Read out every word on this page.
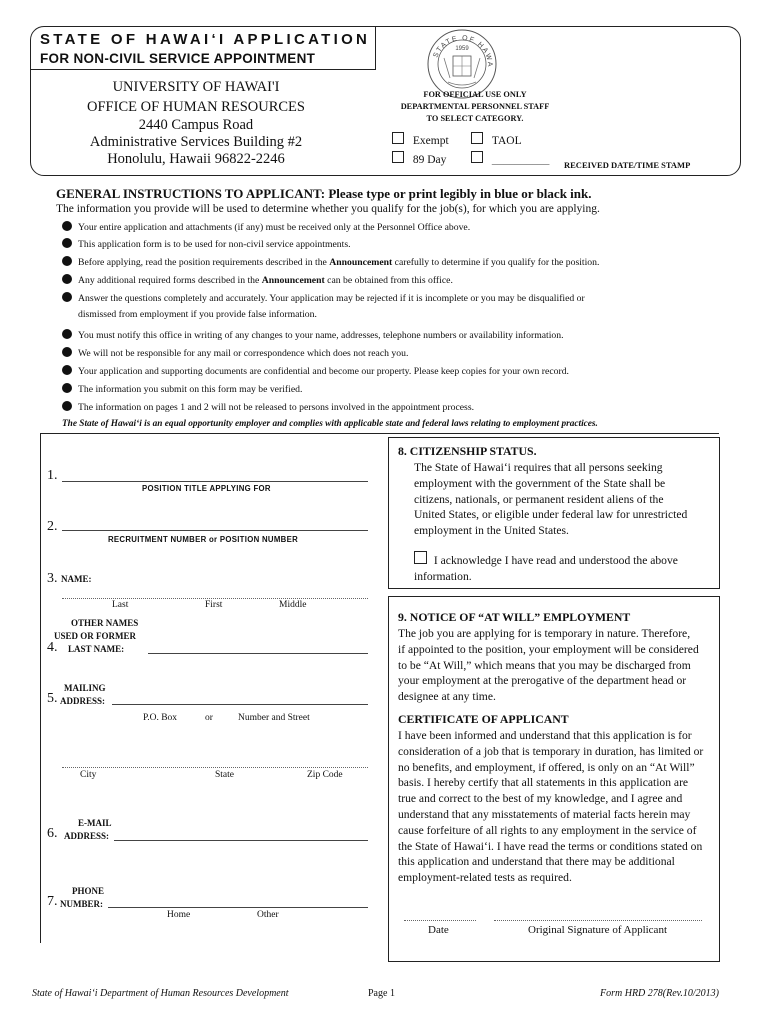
STATE OF HAWAI‘I APPLICATION
FOR NON-CIVIL SERVICE APPOINTMENT
UNIVERSITY OF HAWAI'I
OFFICE OF HUMAN RESOURCES
2440 Campus Road
Administrative Services Building #2
Honolulu, Hawaii 96822-2246
STATE OF HAWA
1959
FOR OFFICIAL USE ONLY
DEPARTMENTAL PERSONNEL STAFF
TO SELECT CATEGORY.
Exempt	TAOL
89 Day	__________ RECEIVED DATE/TIME STAMP
GENERAL INSTRUCTIONS TO APPLICANT: Please type or print legibly in blue or black ink.
The information you provide will be used to determine whether you qualify for the job(s), for which you are applying.
Your entire application and attachments (if any) must be received only at the Personnel Office above.
This application form is to be used for non-civil service appointments.
Before applying, read the position requirements described in the Announcement carefully to determine if you qualify for the position.
Any additional required forms described in the Announcement can be obtained from this office.
Answer the questions completely and accurately. Your application may be rejected if it is incomplete or you may be disqualified or
dismissed from employment if you provide false information.
You must notify this office in writing of any changes to your name, addresses, telephone numbers or availability information.
We will not be responsible for any mail or correspondence which does not reach you.
Your application and supporting documents are confidential and become our property. Please keep copies for your own record.
The information you submit on this form may be verified.
The information on pages 1 and 2 will not be released to persons involved in the appointment process.
The State of Hawai‘i is an equal opportunity employer and complies with applicable state and federal laws relating to employment practices.
1.
POSITION TITLE APPLYING FOR
2.
RECRUITMENT NUMBER or POSITION NUMBER
3. NAME:
Last	First	Middle
OTHER NAMES
USED OR FORMER
4. LAST NAME:
MAILING
5. ADDRESS:
P.O. Box	or	Number and Street
City	State	Zip Code
E-MAIL
6. ADDRESS:
PHONE
7. NUMBER:
Home	Other
8. CITIZENSHIP STATUS.
The State of Hawai‘i requires that all persons seeking
employment with the government of the State shall be
citizens, nationals, or permanent resident aliens of the
United States, or eligible under federal law for unrestricted
employment in the United States.
I acknowledge I have read and understood the above
information.
9. NOTICE OF “AT WILL” EMPLOYMENT
The job you are applying for is temporary in nature. Therefore,
if appointed to the position, your employment will be considered
to be “At Will,” which means that you may be discharged from
your employment at the prerogative of the department head or
designee at any time.
CERTIFICATE OF APPLICANT
I have been informed and understand that this application is for
consideration of a job that is temporary in duration, has limited or
no benefits, and employment, if offered, is only on an “At Will”
basis. I hereby certify that all statements in this application are
true and correct to the best of my knowledge, and I agree and
understand that any misstatements of material facts herein may
cause forfeiture of all rights to any employment in the service of
the State of Hawai‘i. I have read the terms or conditions stated on
this application and understand that there may be additional
employment-related tests as required.
Date	Original Signature of Applicant
State of Hawai‘i Department of Human Resources Development	Page 1	Form HRD 278(Rev.10/2013)
